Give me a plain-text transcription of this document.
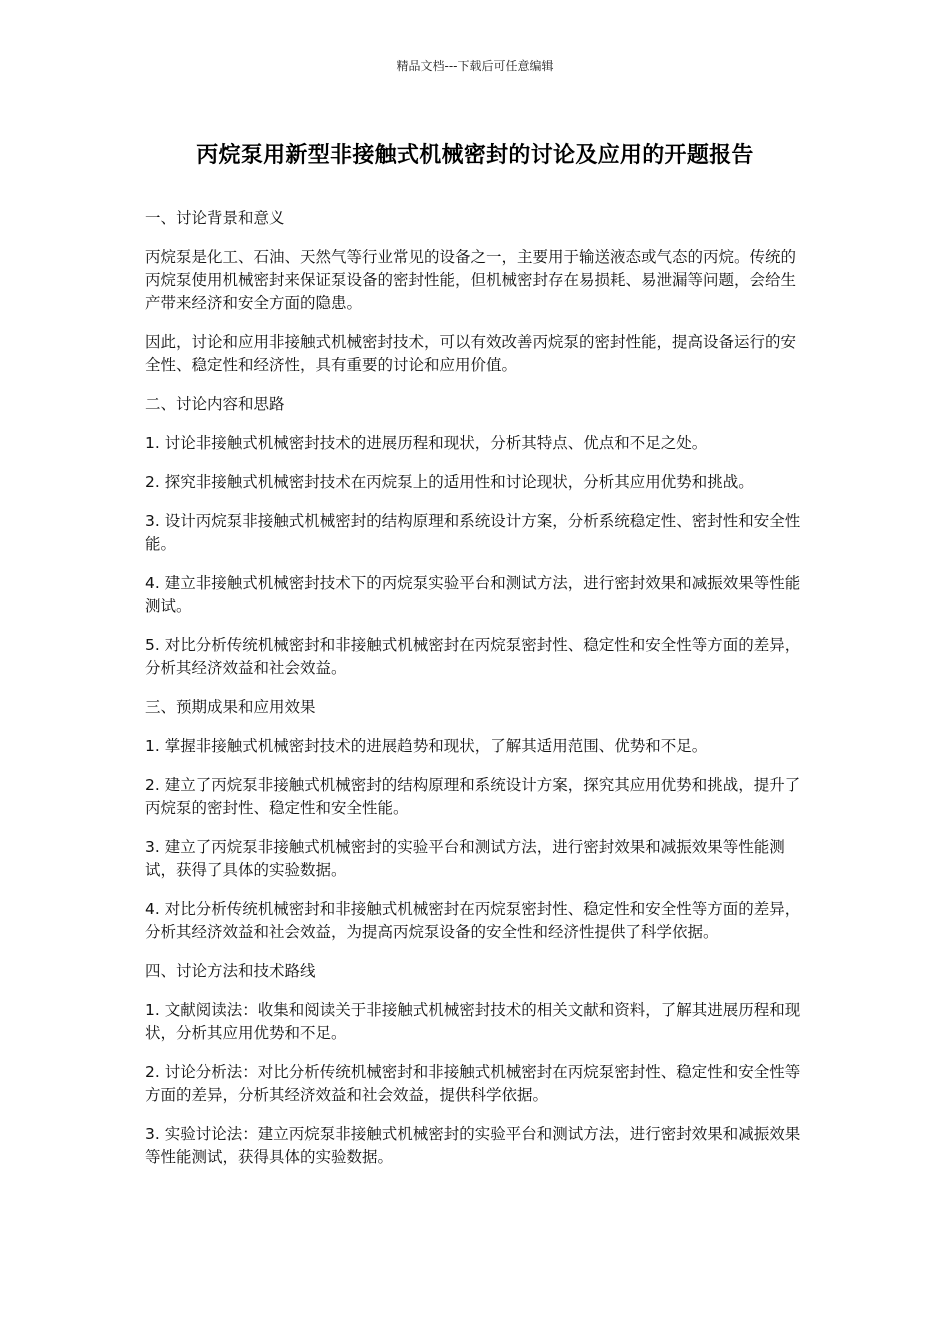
精品文档---下载后可任意编辑
丙烷泵用新型非接触式机械密封的讨论及应用的开题报告

一、讨论背景和意义

丙烷泵是化工、石油、天然气等行业常见的设备之一，主要用于输送液态或气态的丙烷。传统的丙烷泵使用机械密封来保证泵设备的密封性能，但机械密封存在易损耗、易泄漏等问题，会给生产带来经济和安全方面的隐患。

因此，讨论和应用非接触式机械密封技术，可以有效改善丙烷泵的密封性能，提高设备运行的安全性、稳定性和经济性，具有重要的讨论和应用价值。

二、讨论内容和思路

1. 讨论非接触式机械密封技术的进展历程和现状，分析其特点、优点和不足之处。

2. 探究非接触式机械密封技术在丙烷泵上的适用性和讨论现状，分析其应用优势和挑战。

3. 设计丙烷泵非接触式机械密封的结构原理和系统设计方案，分析系统稳定性、密封性和安全性能。

4. 建立非接触式机械密封技术下的丙烷泵实验平台和测试方法，进行密封效果和减振效果等性能测试。

5. 对比分析传统机械密封和非接触式机械密封在丙烷泵密封性、稳定性和安全性等方面的差异，分析其经济效益和社会效益。

三、预期成果和应用效果

1. 掌握非接触式机械密封技术的进展趋势和现状，了解其适用范围、优势和不足。

2. 建立了丙烷泵非接触式机械密封的结构原理和系统设计方案，探究其应用优势和挑战，提升了丙烷泵的密封性、稳定性和安全性能。

3. 建立了丙烷泵非接触式机械密封的实验平台和测试方法，进行密封效果和减振效果等性能测试，获得了具体的实验数据。

4. 对比分析传统机械密封和非接触式机械密封在丙烷泵密封性、稳定性和安全性等方面的差异，分析其经济效益和社会效益，为提高丙烷泵设备的安全性和经济性提供了科学依据。

四、讨论方法和技术路线

1. 文献阅读法：收集和阅读关于非接触式机械密封技术的相关文献和资料，了解其进展历程和现状，分析其应用优势和不足。

2. 讨论分析法：对比分析传统机械密封和非接触式机械密封在丙烷泵密封性、稳定性和安全性等方面的差异，分析其经济效益和社会效益，提供科学依据。

3. 实验讨论法：建立丙烷泵非接触式机械密封的实验平台和测试方法，进行密封效果和减振效果等性能测试，获得具体的实验数据。
